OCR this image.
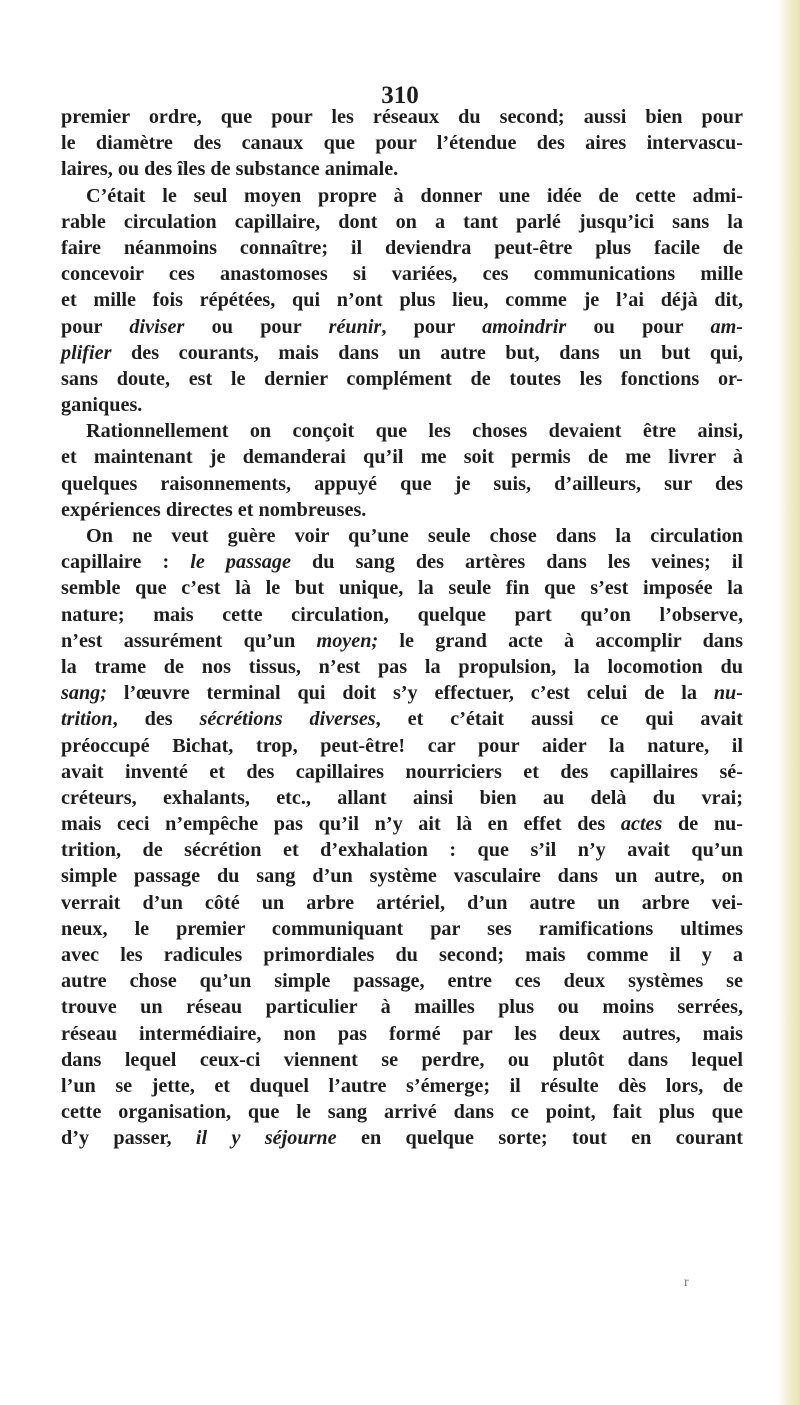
310
premier ordre, que pour les réseaux du second; aussi bien pour
le diamètre des canaux que pour l’étendue des aires intervascu-
laires, ou des îles de substance animale.
C’était le seul moyen propre à donner une idée de cette admi-
rable circulation capillaire, dont on a tant parlé jusqu’ici sans la
faire néanmoins connaître; il deviendra peut-être plus facile de
concevoir ces anastomoses si variées, ces communications mille
et mille fois répétées, qui n’ont plus lieu, comme je l’ai déjà dit,
pour diviser ou pour réunir, pour amoindrir ou pour am-
plifier des courants, mais dans un autre but, dans un but qui,
sans doute, est le dernier complément de toutes les fonctions or-
ganiques.
Rationnellement on conçoit que les choses devaient être ainsi,
et maintenant je demanderai qu’il me soit permis de me livrer à
quelques raisonnements, appuyé que je suis, d’ailleurs, sur des
expériences directes et nombreuses.
On ne veut guère voir qu’une seule chose dans la circulation
capillaire : le passage du sang des artères dans les veines; il
semble que c’est là le but unique, la seule fin que s’est imposée la
nature; mais cette circulation, quelque part qu’on l’observe,
n’est assurément qu’un moyen; le grand acte à accomplir dans
la trame de nos tissus, n’est pas la propulsion, la locomotion du
sang; l’œuvre terminal qui doit s’y effectuer, c’est celui de la nu-
trition, des sécrétions diverses, et c’était aussi ce qui avait
préoccupé Bichat, trop, peut-être! car pour aider la nature, il
avait inventé et des capillaires nourriciers et des capillaires sé-
créteurs, exhalants, etc., allant ainsi bien au delà du vrai;
mais ceci n’empêche pas qu’il n’y ait là en effet des actes de nu-
trition, de sécrétion et d’exhalation : que s’il n’y avait qu’un
simple passage du sang d’un système vasculaire dans un autre, on
verrait d’un côté un arbre artériel, d’un autre un arbre vei-
neux, le premier communiquant par ses ramifications ultimes
avec les radicules primordiales du second; mais comme il y a
autre chose qu’un simple passage, entre ces deux systèmes se
trouve un réseau particulier à mailles plus ou moins serrées,
réseau intermédiaire, non pas formé par les deux autres, mais
dans lequel ceux-ci viennent se perdre, ou plutôt dans lequel
l’un se jette, et duquel l’autre s’émerge; il résulte dès lors, de
cette organisation, que le sang arrivé dans ce point, fait plus que
d’y passer, il y séjourne en quelque sorte; tout en courant
r
